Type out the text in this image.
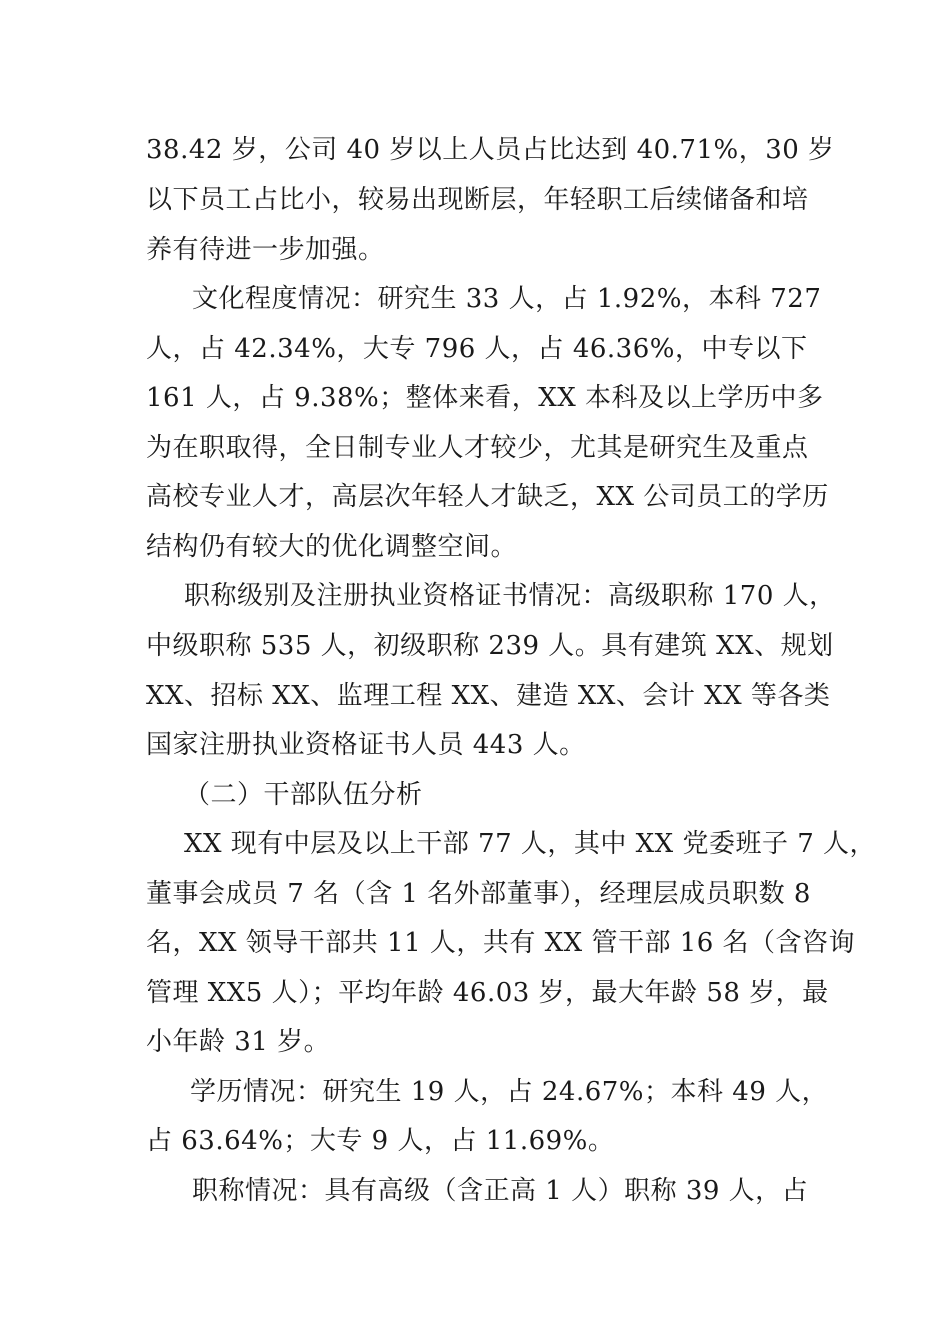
38.42 岁，公司 40 岁以上人员占比达到 40.71%，30 岁
以下员工占比小，较易出现断层，年轻职工后续储备和培
养有待进一步加强。
文化程度情况：研究生 33 人，占 1.92%，本科 727
人，占 42.34%，大专 796 人，占 46.36%，中专以下
161 人，占 9.38%；整体来看，XX 本科及以上学历中多
为在职取得，全日制专业人才较少，尤其是研究生及重点
高校专业人才，高层次年轻人才缺乏，XX 公司员工的学历
结构仍有较大的优化调整空间。
职称级别及注册执业资格证书情况：高级职称 170 人，
中级职称 535 人，初级职称 239 人。具有建筑 XX、规划
XX、招标 XX、监理工程 XX、建造 XX、会计 XX 等各类
国家注册执业资格证书人员 443 人。
（二）干部队伍分析
XX 现有中层及以上干部 77 人，其中 XX 党委班子 7 人，
董事会成员 7 名（含 1 名外部董事），经理层成员职数 8
名，XX 领导干部共 11 人，共有 XX 管干部 16 名（含咨询
管理 XX5 人）；平均年龄 46.03 岁，最大年龄 58 岁，最
小年龄 31 岁。
学历情况：研究生 19 人，占 24.67%；本科 49 人，
占 63.64%；大专 9 人，占 11.69%。
职称情况：具有高级（含正高 1 人）职称 39 人，占
